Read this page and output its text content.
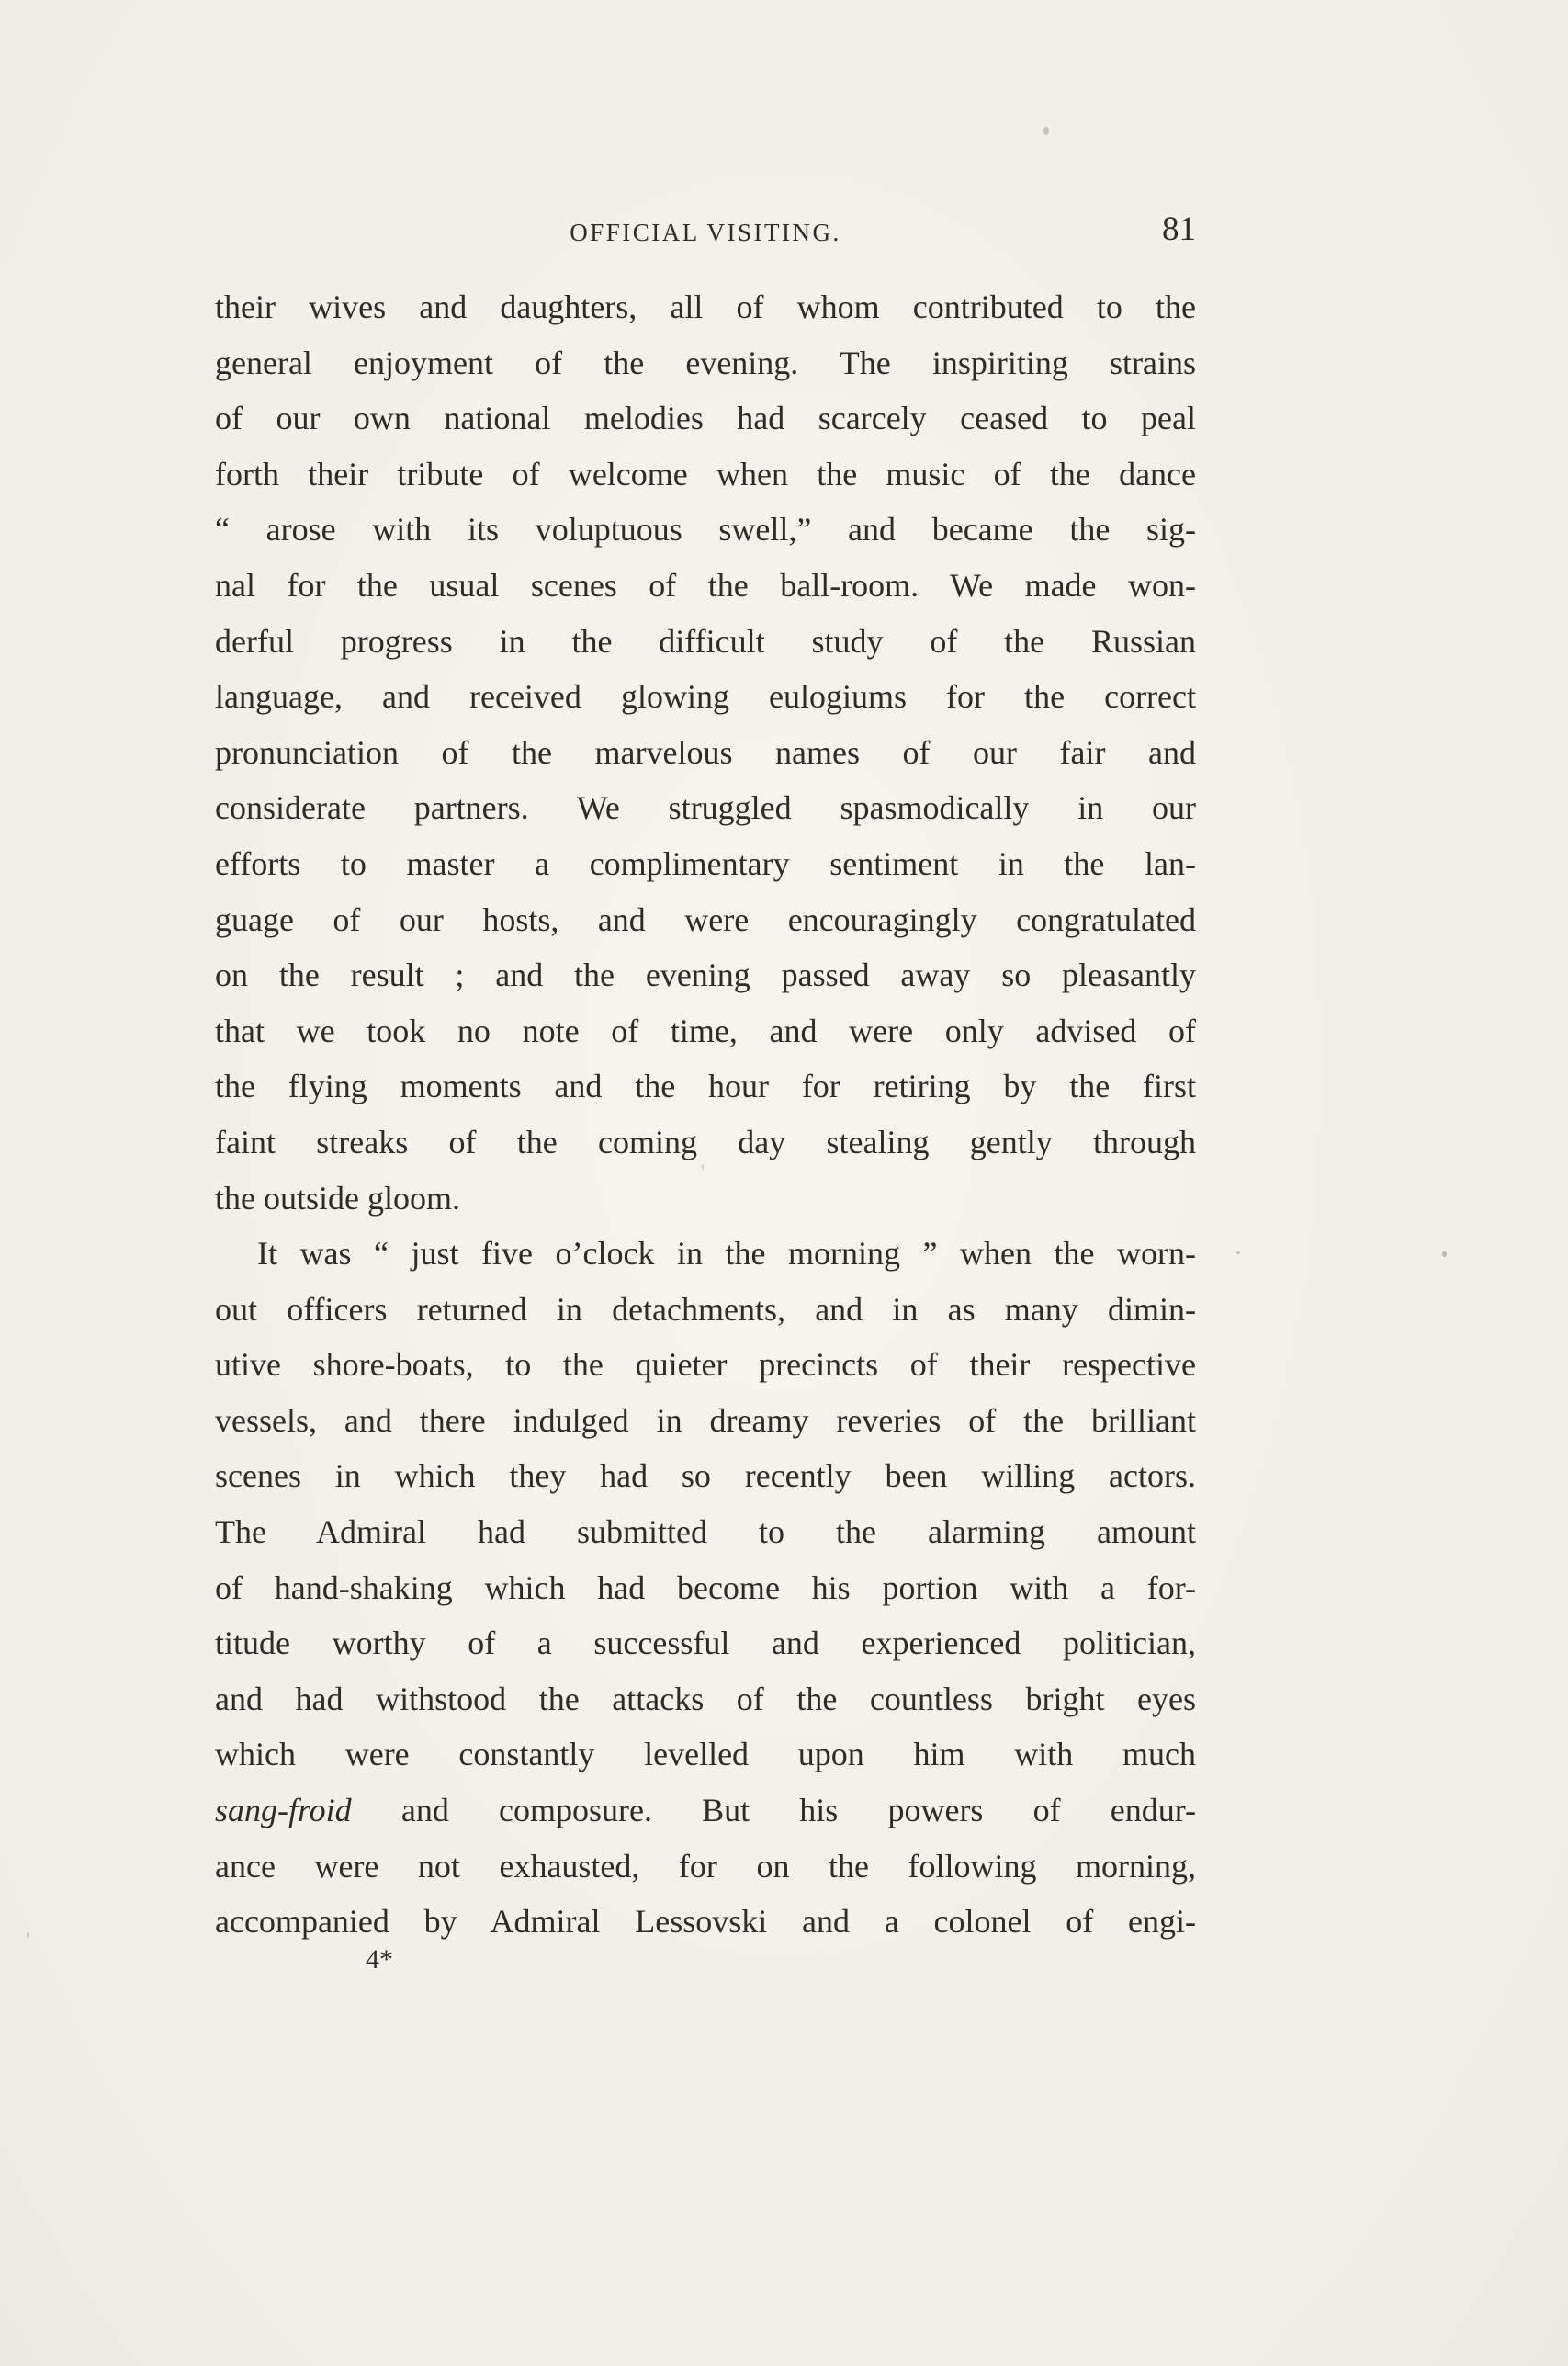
OFFICIAL VISITING.	81
their wives and daughters, all of whom contributed to the
general enjoyment of the evening. The inspiriting strains
of our own national melodies had scarcely ceased to peal
forth their tribute of welcome when the music of the dance
“ arose with its voluptuous swell,” and became the sig-
nal for the usual scenes of the ball-room. We made won-
derful progress in the difficult study of the Russian
language, and received glowing eulogiums for the correct
pronunciation of the marvelous names of our fair and
considerate partners. We struggled spasmodically in our
efforts to master a complimentary sentiment in the lan-
guage of our hosts, and were encouragingly congratulated
on the result ; and the evening passed away so pleasantly
that we took no note of time, and were only advised of
the flying moments and the hour for retiring by the first
faint streaks of the coming day stealing gently through
the outside gloom.
It was “ just five o’clock in the morning ” when the worn-
out officers returned in detachments, and in as many dimin-
utive shore-boats, to the quieter precincts of their respective
vessels, and there indulged in dreamy reveries of the brilliant
scenes in which they had so recently been willing actors.
The Admiral had submitted to the alarming amount
of hand-shaking which had become his portion with a for-
titude worthy of a successful and experienced politician,
and had withstood the attacks of the countless bright eyes
which were constantly levelled upon him with much
sang-froid and composure. But his powers of endur-
ance were not exhausted, for on the following morning,
accompanied by Admiral Lessovski and a colonel of engi-
4*
